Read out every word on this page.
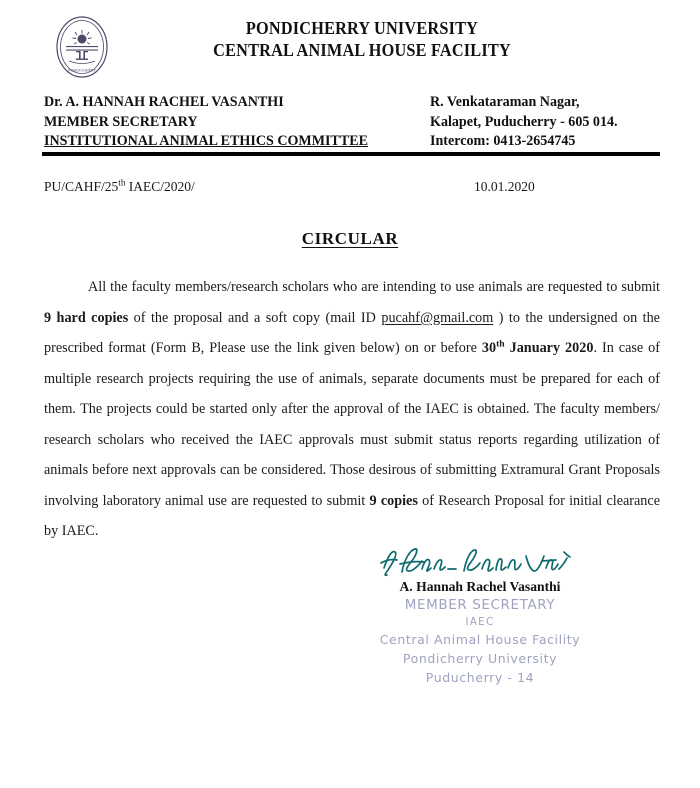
PONDICHERRY
PONDICHERRY UNIVERSITY
CENTRAL ANIMAL HOUSE FACILITY
Dr. A. HANNAH RACHEL VASANTHI
MEMBER SECRETARY
INSTITUTIONAL ANIMAL ETHICS COMMITTEE
R. Venkataraman Nagar,
Kalapet, Puducherry - 605 014.
Intercom: 0413-2654745
PU/CAHF/25th IAEC/2020/	10.01.2020
CIRCULAR
All the faculty members/research scholars who are intending to use animals are requested to submit 9 hard copies of the proposal and a soft copy (mail ID pucahf@gmail.com ) to the undersigned on the prescribed format (Form B, Please use the link given below) on or before 30th January 2020. In case of multiple research projects requiring the use of animals, separate documents must be prepared for each of them. The projects could be started only after the approval of the IAEC is obtained. The faculty members/ research scholars who received the IAEC approvals must submit status reports regarding utilization of animals before next approvals can be considered. Those desirous of submitting Extramural Grant Proposals involving laboratory animal use are requested to submit 9 copies of Research Proposal for initial clearance by IAEC.
A. Hannah Rachel Vasanthi
MEMBER SECRETARY
IAEC
Central Animal House Facility
Pondicherry University
Puducherry - 14
